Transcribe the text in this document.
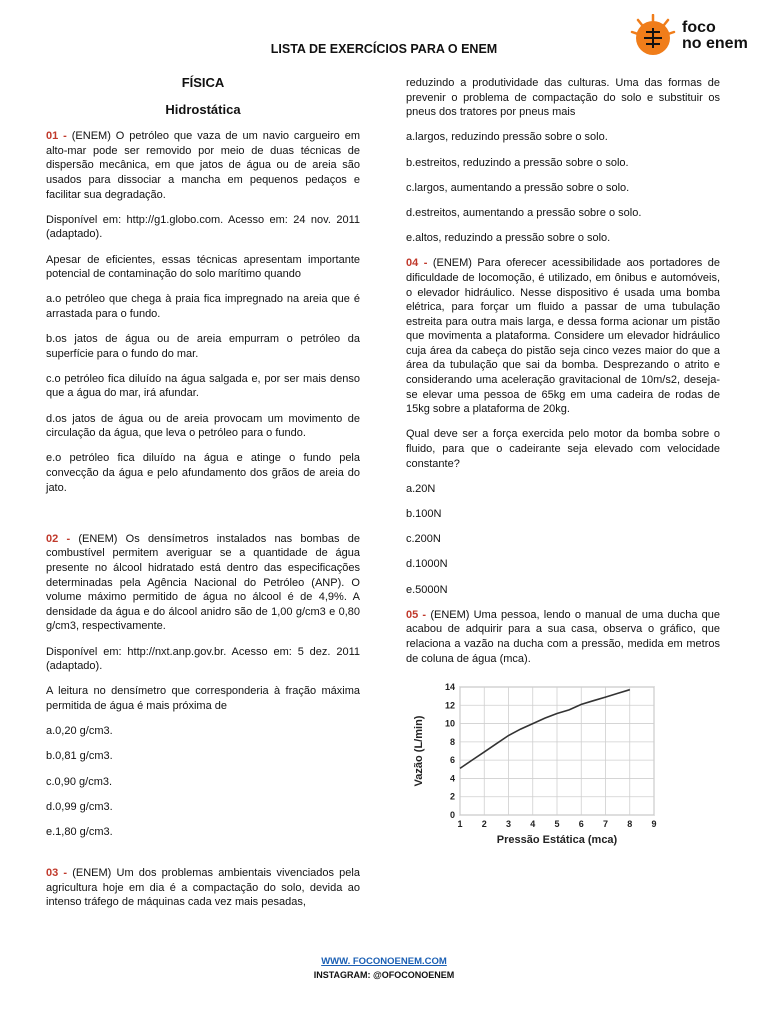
foco
no enem
LISTA DE EXERCÍCIOS PARA O ENEM
FÍSICA
Hidrostática

01 - (ENEM) O petróleo que vaza de um navio cargueiro em alto-mar pode ser removido por meio de duas técnicas de dispersão mecânica, em que jatos de água ou de areia são usados para dissociar a mancha em pequenos pedaços e facilitar sua degradação.

Disponível em: http://g1.globo.com. Acesso em: 24 nov. 2011 (adaptado).

Apesar de eficientes, essas técnicas apresentam importante potencial de contaminação do solo marítimo quando

a.o petróleo que chega à praia fica impregnado na areia que é arrastada para o fundo.

b.os jatos de água ou de areia empurram o petróleo da superfície para o fundo do mar.

c.o petróleo fica diluído na água salgada e, por ser mais denso que a água do mar, irá afundar.

d.os jatos de água ou de areia provocam um movimento de circulação da água, que leva o petróleo para o fundo.

e.o petróleo fica diluído na água e atinge o fundo pela convecção da água e pelo afundamento dos grãos de areia do jato.

02 - (ENEM) Os densímetros instalados nas bombas de combustível permitem averiguar se a quantidade de água presente no álcool hidratado está dentro das especificações determinadas pela Agência Nacional do Petróleo (ANP). O volume máximo permitido de água no álcool é de 4,9%. A densidade da água e do álcool anidro são de 1,00 g/cm3 e 0,80 g/cm3, respectivamente.

Disponível em: http://nxt.anp.gov.br. Acesso em: 5 dez. 2011 (adaptado).

A leitura no densímetro que corresponderia à fração máxima permitida de água é mais próxima de

a.0,20 g/cm3.

b.0,81 g/cm3.

c.0,90 g/cm3.

d.0,99 g/cm3.

e.1,80 g/cm3.

03 - (ENEM) Um dos problemas ambientais vivenciados pela agricultura hoje em dia é a compactação do solo, devida ao intenso tráfego de máquinas cada vez mais pesadas,

reduzindo a produtividade das culturas. Uma das formas de prevenir o problema de compactação do solo e substituir os pneus dos tratores por pneus mais

a.largos, reduzindo pressão sobre o solo.

b.estreitos, reduzindo a pressão sobre o solo.

c.largos, aumentando a pressão sobre o solo.

d.estreitos, aumentando a pressão sobre o solo.

e.altos, reduzindo a pressão sobre o solo.

04 - (ENEM) Para oferecer acessibilidade aos portadores de dificuldade de locomoção, é utilizado, em ônibus e automóveis, o elevador hidráulico. Nesse dispositivo é usada uma bomba elétrica, para forçar um fluido a passar de uma tubulação estreita para outra mais larga, e dessa forma acionar um pistão que movimenta a plataforma. Considere um elevador hidráulico cuja área da cabeça do pistão seja cinco vezes maior do que a área da tubulação que sai da bomba. Desprezando o atrito e considerando uma aceleração gravitacional de 10m/s2, deseja-se elevar uma pessoa de 65kg em uma cadeira de rodas de 15kg sobre a plataforma de 20kg.

Qual deve ser a força exercida pelo motor da bomba sobre o fluido, para que o cadeirante seja elevado com velocidade constante?

a.20N

b.100N

c.200N

d.1000N

e.5000N

05 - (ENEM) Uma pessoa, lendo o manual de uma ducha que acabou de adquirir para a sua casa, observa o gráfico, que relaciona a vazão na ducha com a pressão, medida em metros de coluna de água (mca).

1 2 3 4 5 6 7 8 9
0
2
4
6
8
10
12
14
Pressão Estática (mca)
Vazão (L/min)
WWW. FOCONOENEM.COM
INSTAGRAM: @OFOCONOENEM
